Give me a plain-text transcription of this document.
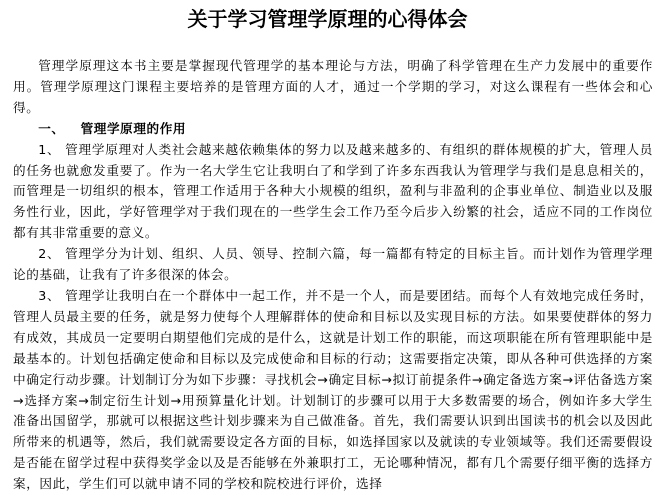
关于学习管理学原理的心得体会

管理学原理这本书主要是掌握现代管理学的基本理论与方法，明确了科学管理在生产力发展中的重要作用。管理学原理这门课程主要培养的是管理方面的人才，通过一个学期的学习，对这么课程有一些体会和心得。

一、 管理学原理的作用

1、 管理学原理对人类社会越来越依赖集体的努力以及越来越多的、有组织的群体规模的扩大，管理人员的任务也就愈发重要了。作为一名大学生它让我明白了和学到了许多东西我认为管理学与我们是息息相关的，而管理是一切组织的根本，管理工作适用于各种大小规模的组织，盈利与非盈利的企事业单位、制造业以及服务性行业，因此，学好管理学对于我们现在的一些学生会工作乃至今后步入纷繁的社会，适应不同的工作岗位都有其非常重要的意义。

2、 管理学分为计划、组织、人员、领导、控制六篇，每一篇都有特定的目标主旨。而计划作为管理学理论的基础，让我有了许多很深的体会。

3、 管理学让我明白在一个群体中一起工作，并不是一个人，而是要团结。而每个人有效地完成任务时，管理人员最主要的任务，就是努力使每个人理解群体的使命和目标以及实现目标的方法。如果要使群体的努力有成效，其成员一定要明白期望他们完成的是什么，这就是计划工作的职能，而这项职能在所有管理职能中是最基本的。计划包括确定使命和目标以及完成使命和目标的行动；这需要指定决策，即从各种可供选择的方案中确定行动步骤。计划制订分为如下步骤：寻找机会→确定目标→拟订前提条件→确定备选方案→评估备选方案→选择方案→制定衍生计划→用预算量化计划。计划制订的步骤可以用于大多数需要的场合，例如许多大学生准备出国留学，那就可以根据这些计划步骤来为自己做准备。首先，我们需要认识到出国读书的机会以及因此所带来的机遇等，然后，我们就需要设定各方面的目标，如选择国家以及就读的专业领域等。我们还需要假设是否能在留学过程中获得奖学金以及是否能够在外兼职打工，无论哪种情况，都有几个需要仔细平衡的选择方案，因此，学生们可以就申请不同的学校和院校进行评价，选择
